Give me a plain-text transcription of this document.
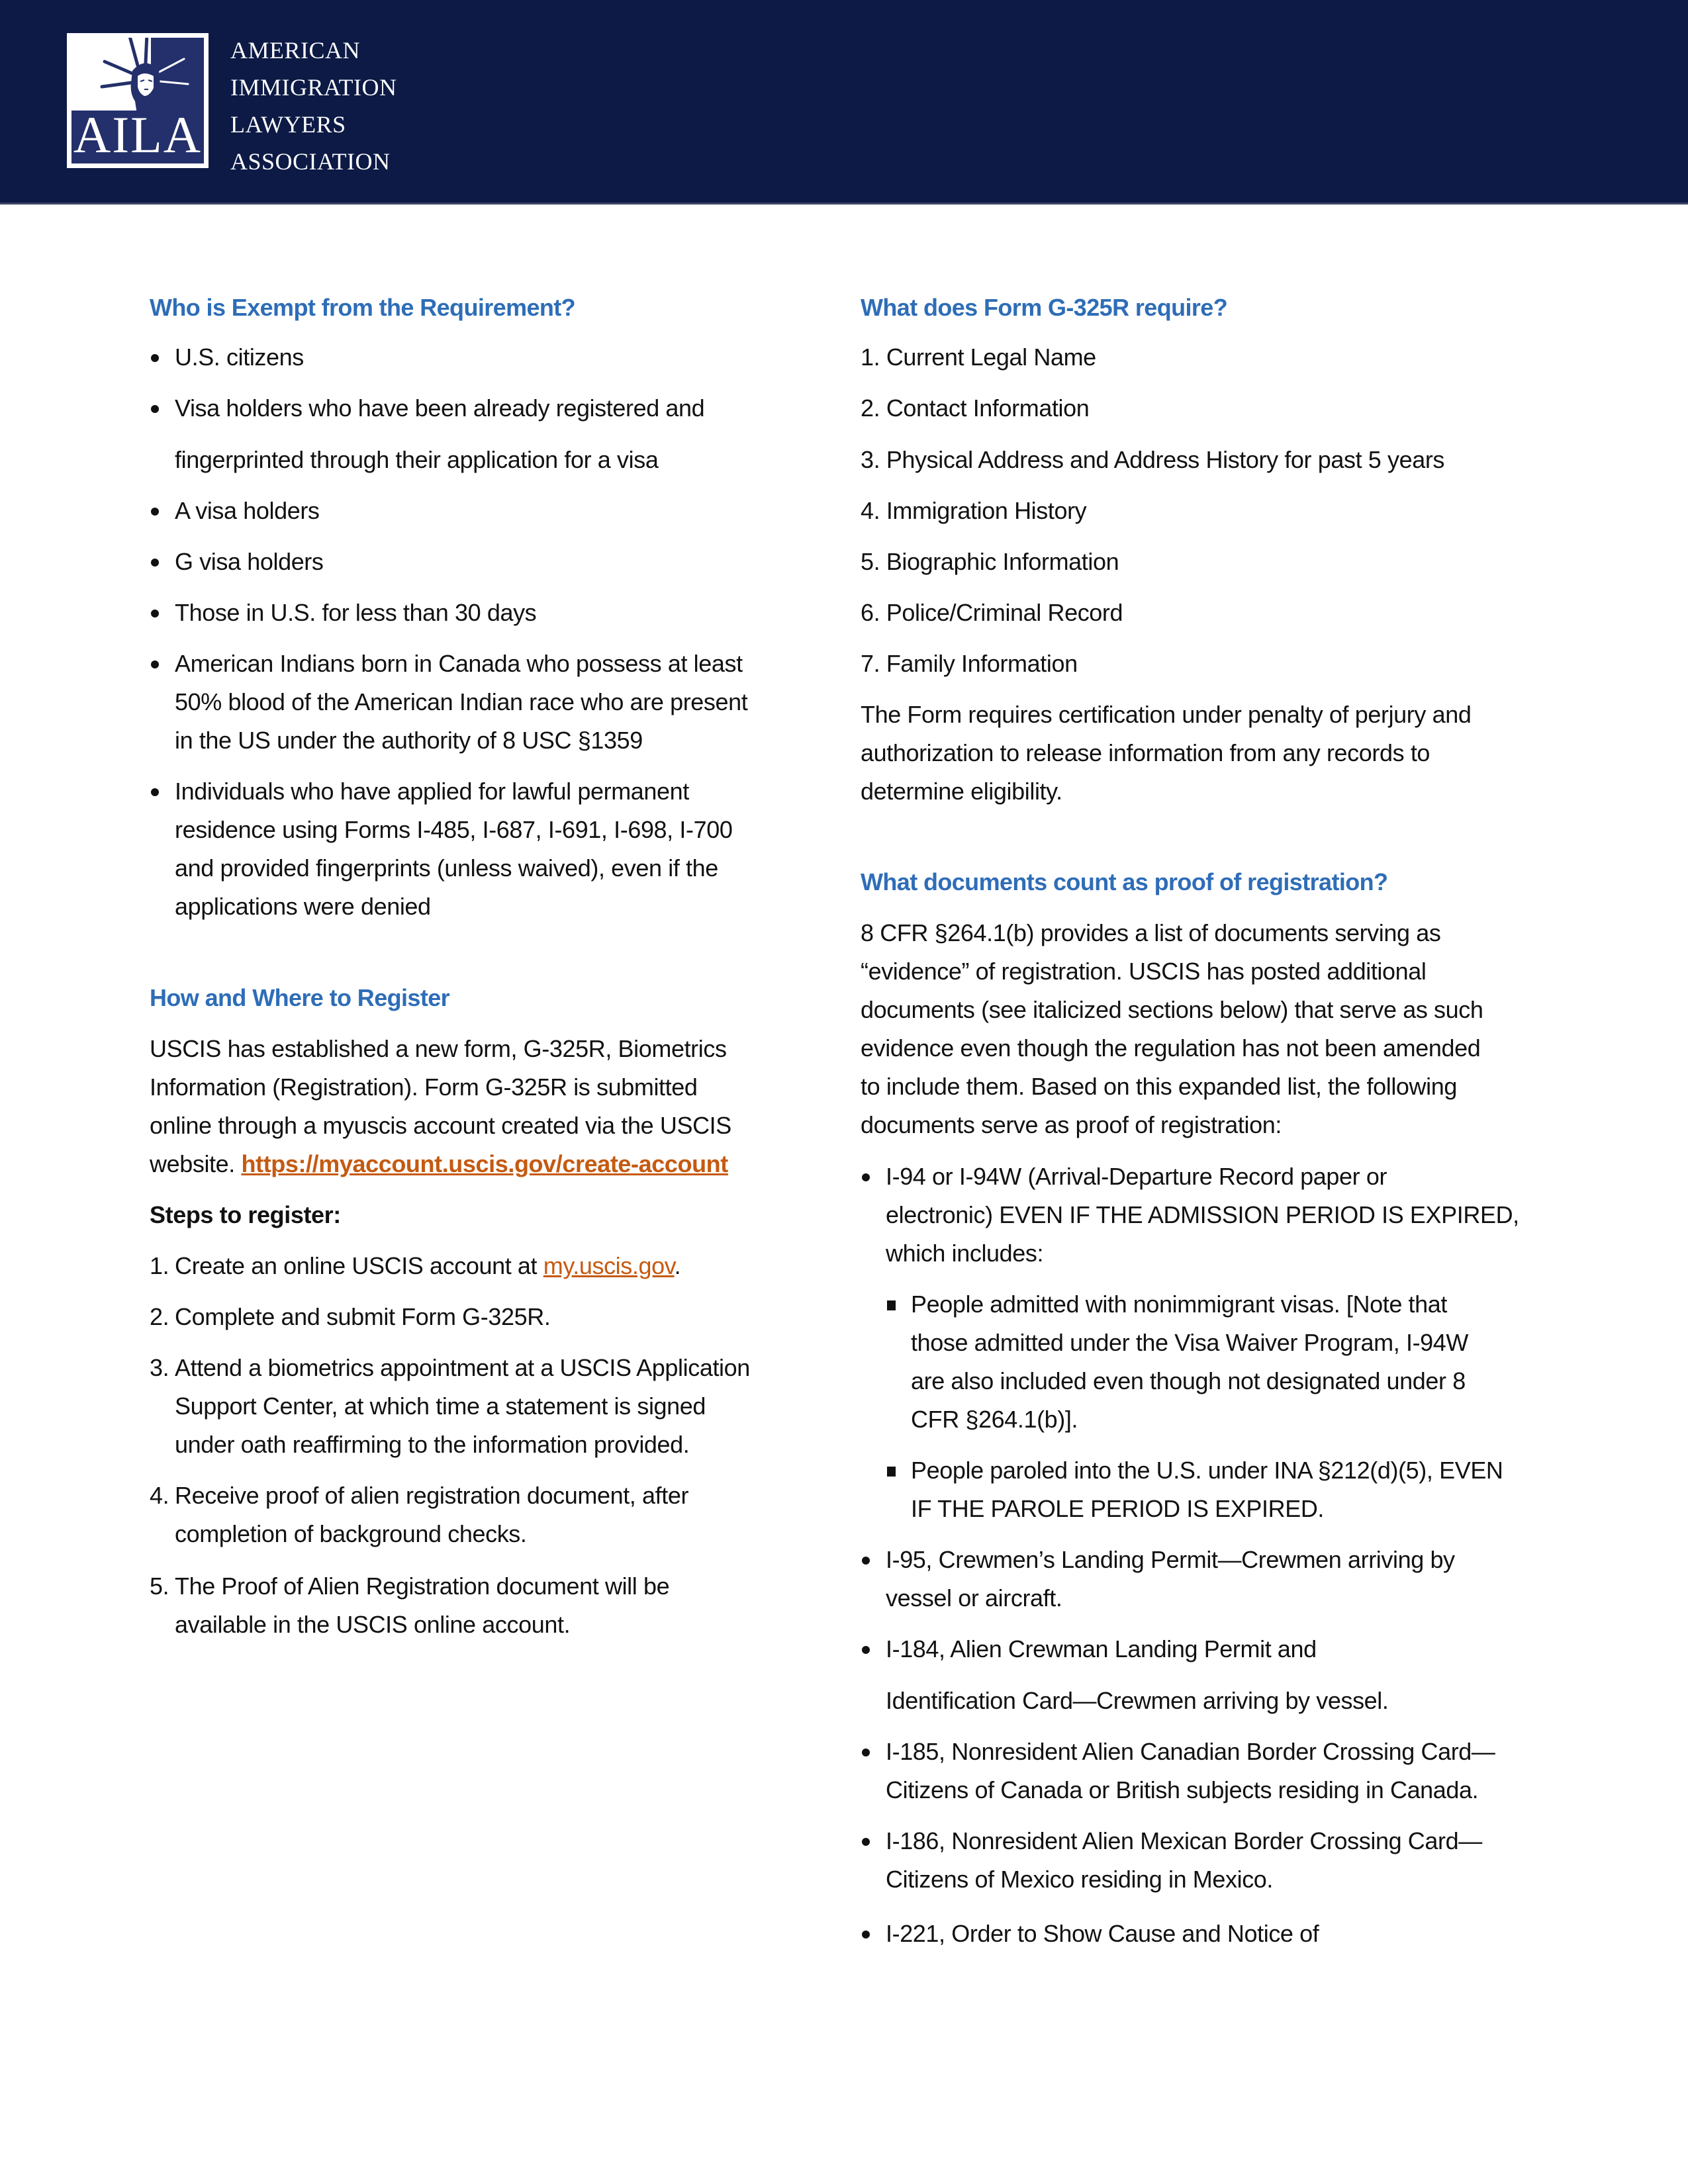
AILA
AMERICAN
IMMIGRATION
LAWYERS
ASSOCIATION
Who is Exempt from the Requirement?
U.S. citizens
Visa holders who have been already registered and
fingerprinted through their application for a visa
A visa holders
G visa holders
Those in U.S. for less than 30 days
American Indians born in Canada who possess at least
50% blood of the American Indian race who are present
in the US under the authority of 8 USC §1359
Individuals who have applied for lawful permanent
residence using Forms I-485, I-687, I-691, I-698, I-700
and provided fingerprints (unless waived), even if the
applications were denied
How and Where to Register
USCIS has established a new form, G-325R, Biometrics
Information (Registration). Form G-325R is submitted
online through a myuscis account created via the USCIS
website. https://myaccount.uscis.gov/create-account
Steps to register:
1. Create an online USCIS account at my.uscis.gov.
2. Complete and submit Form G-325R.
3. Attend a biometrics appointment at a USCIS Application
Support Center, at which time a statement is signed
under oath reaffirming to the information provided.
4. Receive proof of alien registration document, after
completion of background checks.
5. The Proof of Alien Registration document will be
available in the USCIS online account.
What does Form G-325R require?
1. Current Legal Name
2. Contact Information
3. Physical Address and Address History for past 5 years
4. Immigration History
5. Biographic Information
6. Police/Criminal Record
7. Family Information
The Form requires certification under penalty of perjury and
authorization to release information from any records to
determine eligibility.
What documents count as proof of registration?
8 CFR §264.1(b) provides a list of documents serving as
“evidence” of registration. USCIS has posted additional
documents (see italicized sections below) that serve as such
evidence even though the regulation has not been amended
to include them. Based on this expanded list, the following
documents serve as proof of registration:
I-94 or I-94W (Arrival-Departure Record paper or
electronic) EVEN IF THE ADMISSION PERIOD IS EXPIRED,
which includes:
People admitted with nonimmigrant visas. [Note that
those admitted under the Visa Waiver Program, I-94W
are also included even though not designated under 8
CFR §264.1(b)].
People paroled into the U.S. under INA §212(d)(5), EVEN
IF THE PAROLE PERIOD IS EXPIRED.
I-95, Crewmen’s Landing Permit—Crewmen arriving by
vessel or aircraft.
I-184, Alien Crewman Landing Permit and
Identification Card—Crewmen arriving by vessel.
I-185, Nonresident Alien Canadian Border Crossing Card—
Citizens of Canada or British subjects residing in Canada.
I-186, Nonresident Alien Mexican Border Crossing Card—
Citizens of Mexico residing in Mexico.
I-221, Order to Show Cause and Notice of
